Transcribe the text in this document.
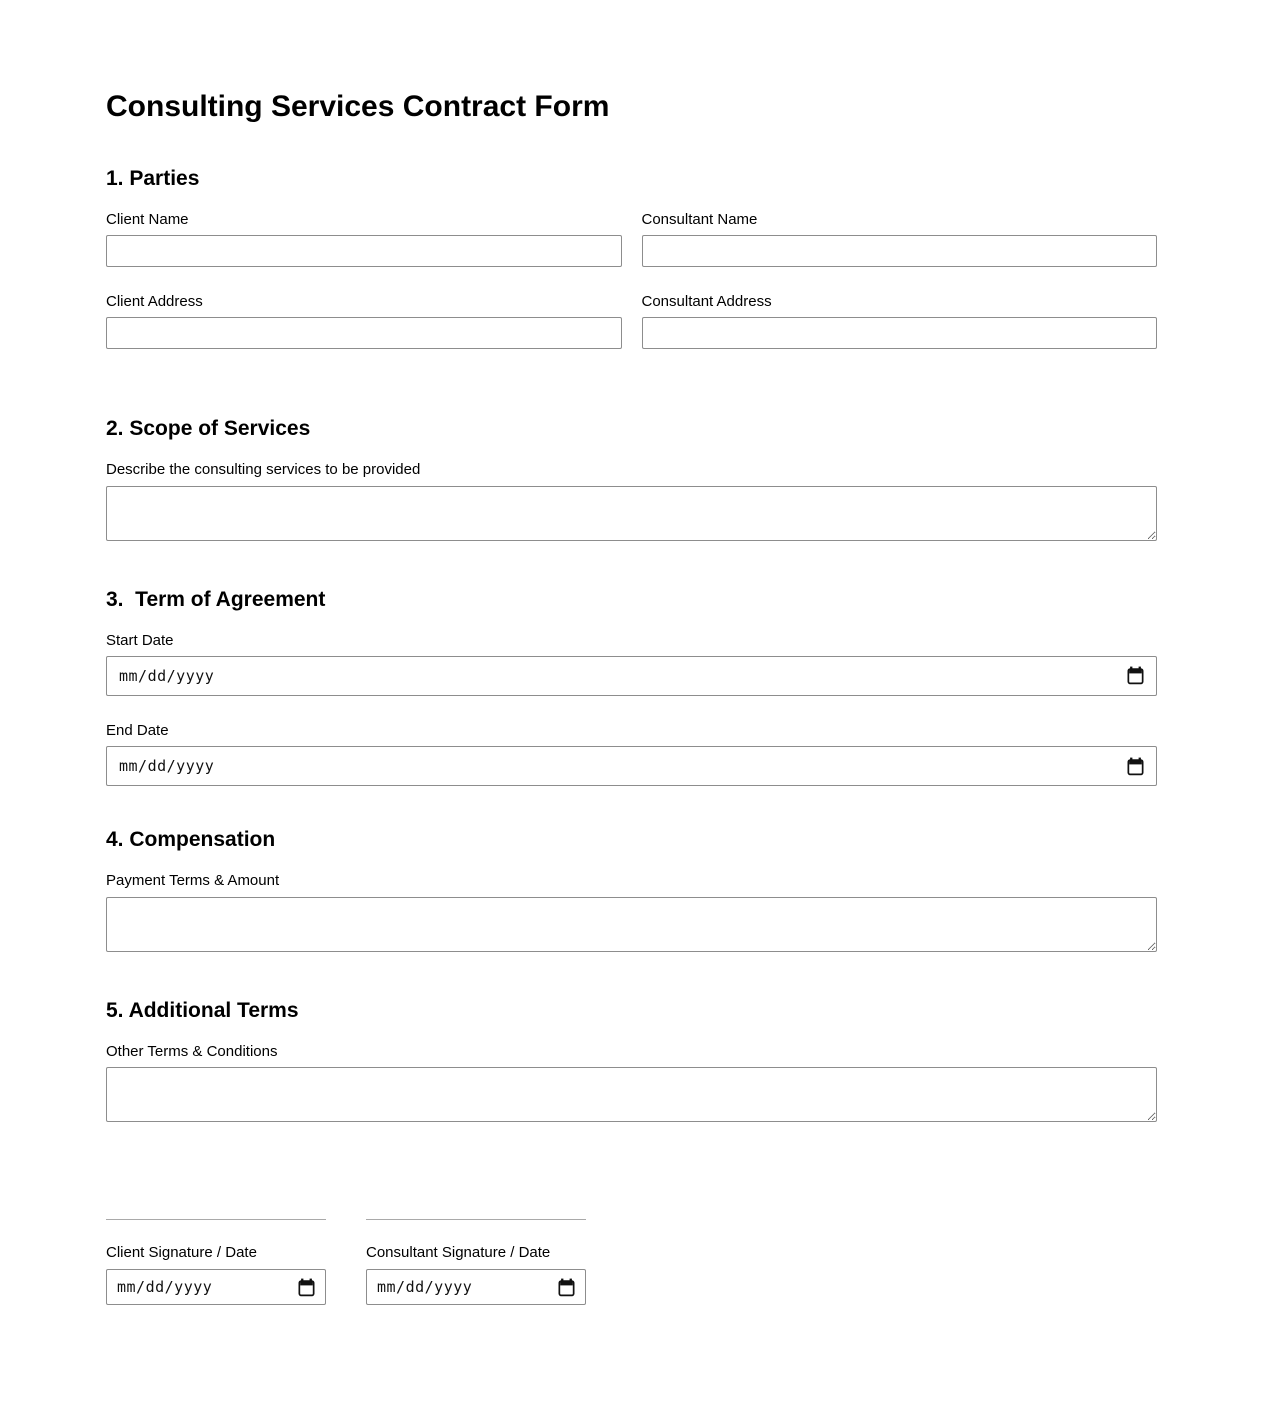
Consulting Services Contract Form
1. Parties
Client Name	Consultant Name
Client Address	Consultant Address
2. Scope of Services
Describe the consulting services to be provided
3.  Term of Agreement
Start Date
mm/dd/yyyy
End Date
mm/dd/yyyy
4. Compensation
Payment Terms & Amount
5. Additional Terms
Other Terms & Conditions
Client Signature / Date
mm/dd/yyyy
Consultant Signature / Date
mm/dd/yyyy
